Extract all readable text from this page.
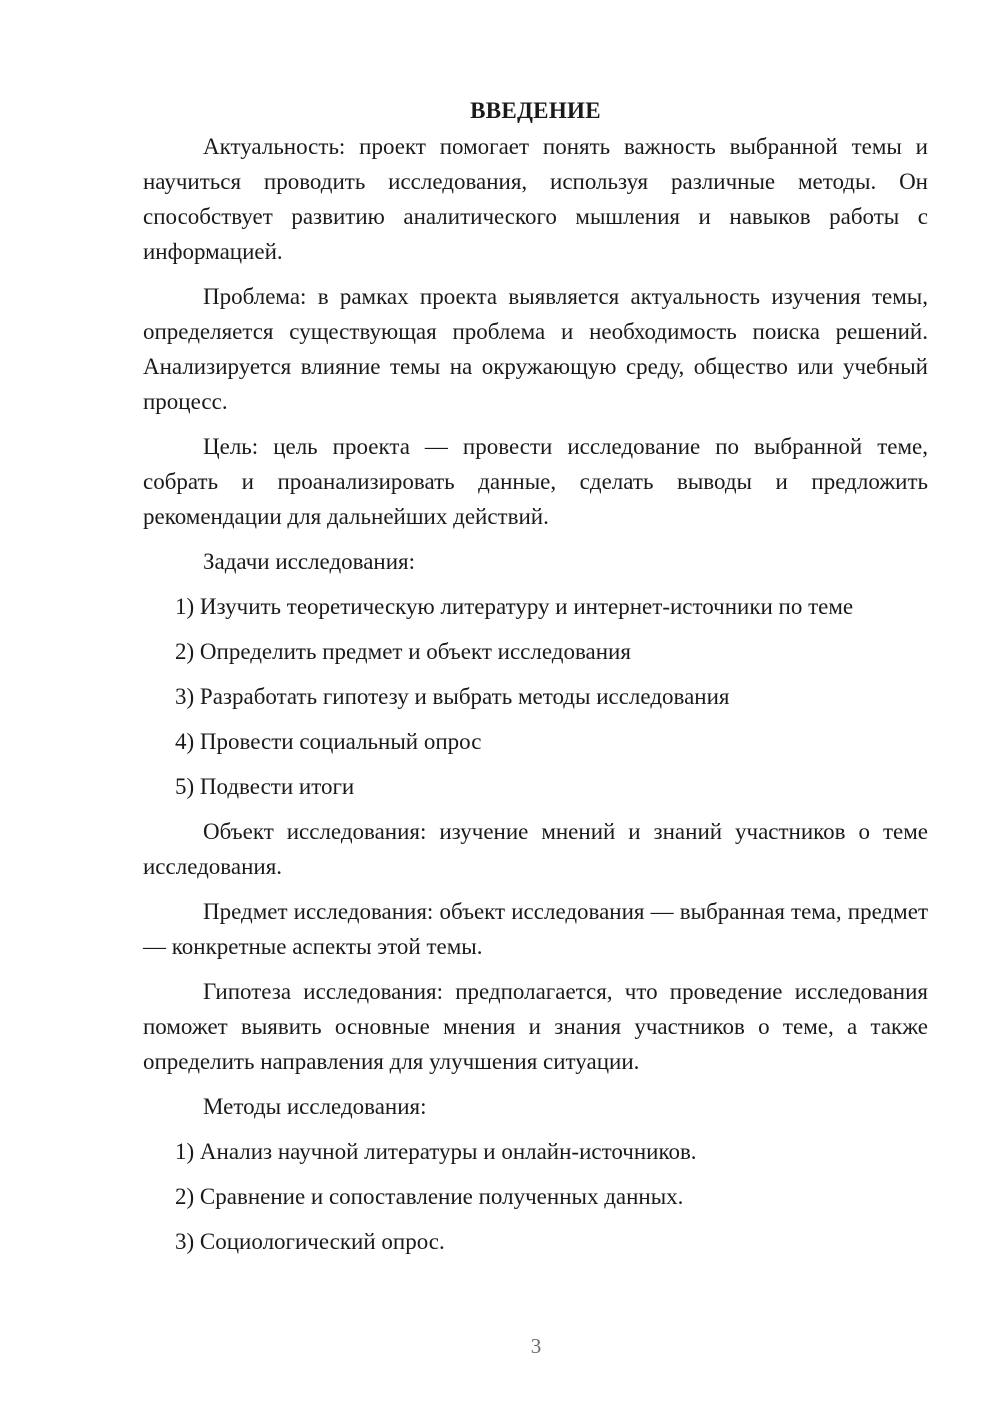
ВВЕДЕНИЕ

Актуальность: проект помогает понять важность выбранной темы и научиться проводить исследования, используя различные методы. Он способствует развитию аналитического мышления и навыков работы с информацией.

Проблема: в рамках проекта выявляется актуальность изучения темы, определяется существующая проблема и необходимость поиска решений. Анализируется влияние темы на окружающую среду, общество или учебный процесс.

Цель: цель проекта — провести исследование по выбранной теме, собрать и проанализировать данные, сделать выводы и предложить рекомендации для дальнейших действий.

Задачи исследования:

1) Изучить теоретическую литературу и интернет-источники по теме
2) Определить предмет и объект исследования
3) Разработать гипотезу и выбрать методы исследования
4) Провести социальный опрос
5) Подвести итоги

Объект исследования: изучение мнений и знаний участников о теме исследования.

Предмет исследования: объект исследования — выбранная тема, предмет — конкретные аспекты этой темы.

Гипотеза исследования: предполагается, что проведение исследования поможет выявить основные мнения и знания участников о теме, а также определить направления для улучшения ситуации.

Методы исследования:

1) Анализ научной литературы и онлайн-источников.
2) Сравнение и сопоставление полученных данных.
3) Социологический опрос.
3
